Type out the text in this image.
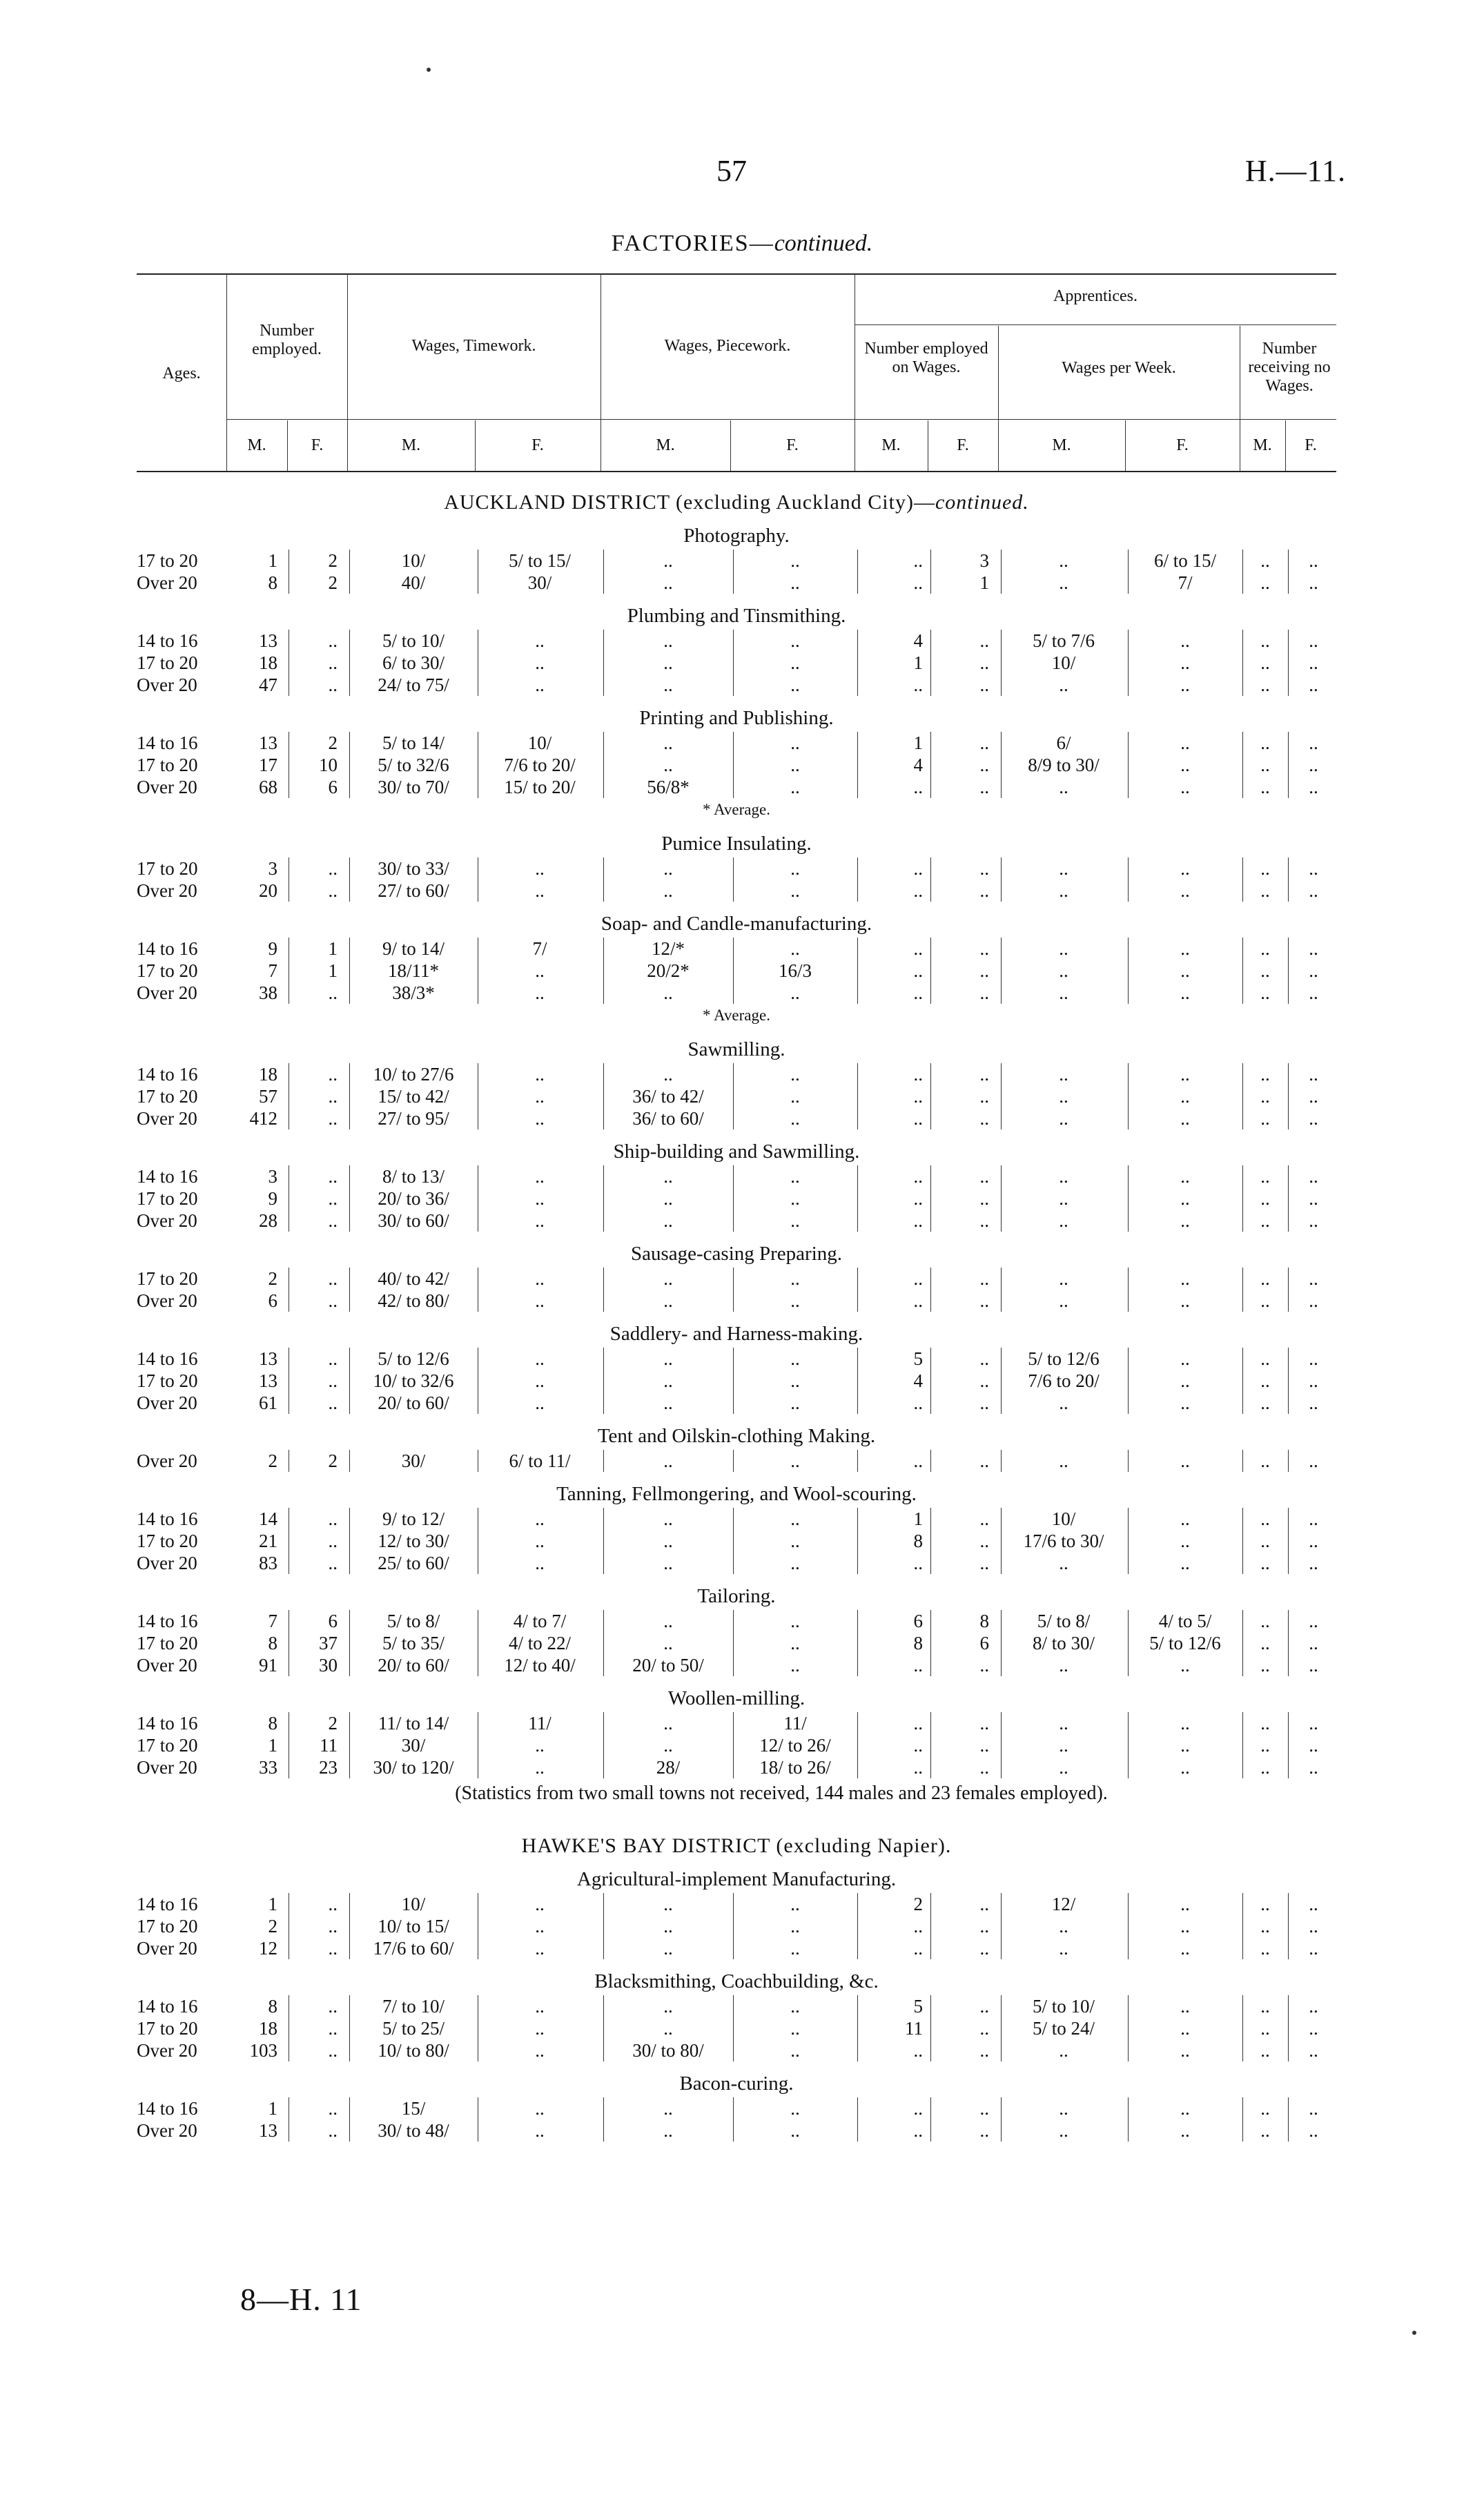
57	H.—11.
FACTORIES—continued.
Ages.
Number employed.	Wages, Timework.	Wages, Piecework.
Apprentices.
Number employed on Wages.	Wages per Week.
Number receiving no Wages.
M.	F.	M.	F.	M.	F.	M.	F.	M.	F.	M.	F.
AUCKLAND DISTRICT (excluding Auckland City)—continued.
Photography.
17 to 20	1	2	10/	5/ to 15/	..	..	..	3	..	6/ to 15/	..	..
Over 20	8	2	40/	30/	..	..	..	1	..	7/	..	..
Plumbing and Tinsmithing.
14 to 16	13	..	5/ to 10/	..	..	..	4	..	5/ to 7/6	..	..	..
17 to 20	18	..	6/ to 30/	..	..	..	1	..	10/	..	..	..
Over 20	47	..	24/ to 75/	..	..	..	..	..	..	..	..	..
Printing and Publishing.
14 to 16	13	2	5/ to 14/	10/	..	..	1	..	6/	..	..	..
17 to 20	17	10	5/ to 32/6	7/6 to 20/	..	..	4	..	8/9 to 30/	..	..	..
Over 20	68	6	30/ to 70/	15/ to 20/	56/8*	..	..	..	..	..	..	..
* Average.
Pumice Insulating.
17 to 20	3	..	30/ to 33/	..	..	..	..	..	..	..	..	..
Over 20	20	..	27/ to 60/	..	..	..	..	..	..	..	..	..
Soap- and Candle-manufacturing.
14 to 16	9	1	9/ to 14/	7/	12/*	..	..	..	..	..	..	..
17 to 20	7	1	18/11*	..	20/2*	16/3	..	..	..	..	..	..
Over 20	38	..	38/3*	..	..	..	..	..	..	..	..	..
* Average.
Sawmilling.
14 to 16	18	..	10/ to 27/6	..	..	..	..	..	..	..	..	..
17 to 20	57	..	15/ to 42/	..	36/ to 42/	..	..	..	..	..	..	..
Over 20	412	..	27/ to 95/	..	36/ to 60/	..	..	..	..	..	..	..
Ship-building and Sawmilling.
14 to 16	3	..	8/ to 13/	..	..	..	..	..	..	..	..	..
17 to 20	9	..	20/ to 36/	..	..	..	..	..	..	..	..	..
Over 20	28	..	30/ to 60/	..	..	..	..	..	..	..	..	..
Sausage-casing Preparing.
17 to 20	2	..	40/ to 42/	..	..	..	..	..	..	..	..	..
Over 20	6	..	42/ to 80/	..	..	..	..	..	..	..	..	..
Saddlery- and Harness-making.
14 to 16	13	..	5/ to 12/6	..	..	..	5	..	5/ to 12/6	..	..	..
17 to 20	13	..	10/ to 32/6	..	..	..	4	..	7/6 to 20/	..	..	..
Over 20	61	..	20/ to 60/	..	..	..	..	..	..	..	..	..
Tent and Oilskin-clothing Making.
Over 20	2	2	30/	6/ to 11/	..	..	..	..	..	..	..	..
Tanning, Fellmongering, and Wool-scouring.
14 to 16	14	..	9/ to 12/	..	..	..	1	..	10/	..	..	..
17 to 20	21	..	12/ to 30/	..	..	..	8	..	17/6 to 30/	..	..	..
Over 20	83	..	25/ to 60/	..	..	..	..	..	..	..	..	..
Tailoring.
14 to 16	7	6	5/ to 8/	4/ to 7/	..	..	6	8	5/ to 8/	4/ to 5/	..	..
17 to 20	8	37	5/ to 35/	4/ to 22/	..	..	8	6	8/ to 30/	5/ to 12/6	..	..
Over 20	91	30	20/ to 60/	12/ to 40/	20/ to 50/	..	..	..	..	..	..	..
Woollen-milling.
14 to 16	8	2	11/ to 14/	11/	..	11/	..	..	..	..	..	..
17 to 20	1	11	30/	..	..	12/ to 26/	..	..	..	..	..	..
Over 20	33	23	30/ to 120/	..	28/	18/ to 26/	..	..	..	..	..	..
(Statistics from two small towns not received, 144 males and 23 females employed).
HAWKE'S BAY DISTRICT (excluding Napier).
Agricultural-implement Manufacturing.
14 to 16	1	..	10/	..	..	..	2	..	12/	..	..	..
17 to 20	2	..	10/ to 15/	..	..	..	..	..	..	..	..	..
Over 20	12	..	17/6 to 60/	..	..	..	..	..	..	..	..	..
Blacksmithing, Coachbuilding, &c.
14 to 16	8	..	7/ to 10/	..	..	..	5	..	5/ to 10/	..	..	..
17 to 20	18	..	5/ to 25/	..	..	..	11	..	5/ to 24/	..	..	..
Over 20	103	..	10/ to 80/	..	30/ to 80/	..	..	..	..	..	..	..
Bacon-curing.
14 to 16	1	..	15/	..	..	..	..	..	..	..	..	..
Over 20	13	..	30/ to 48/	..	..	..	..	..	..	..	..	..
8—H. 11
